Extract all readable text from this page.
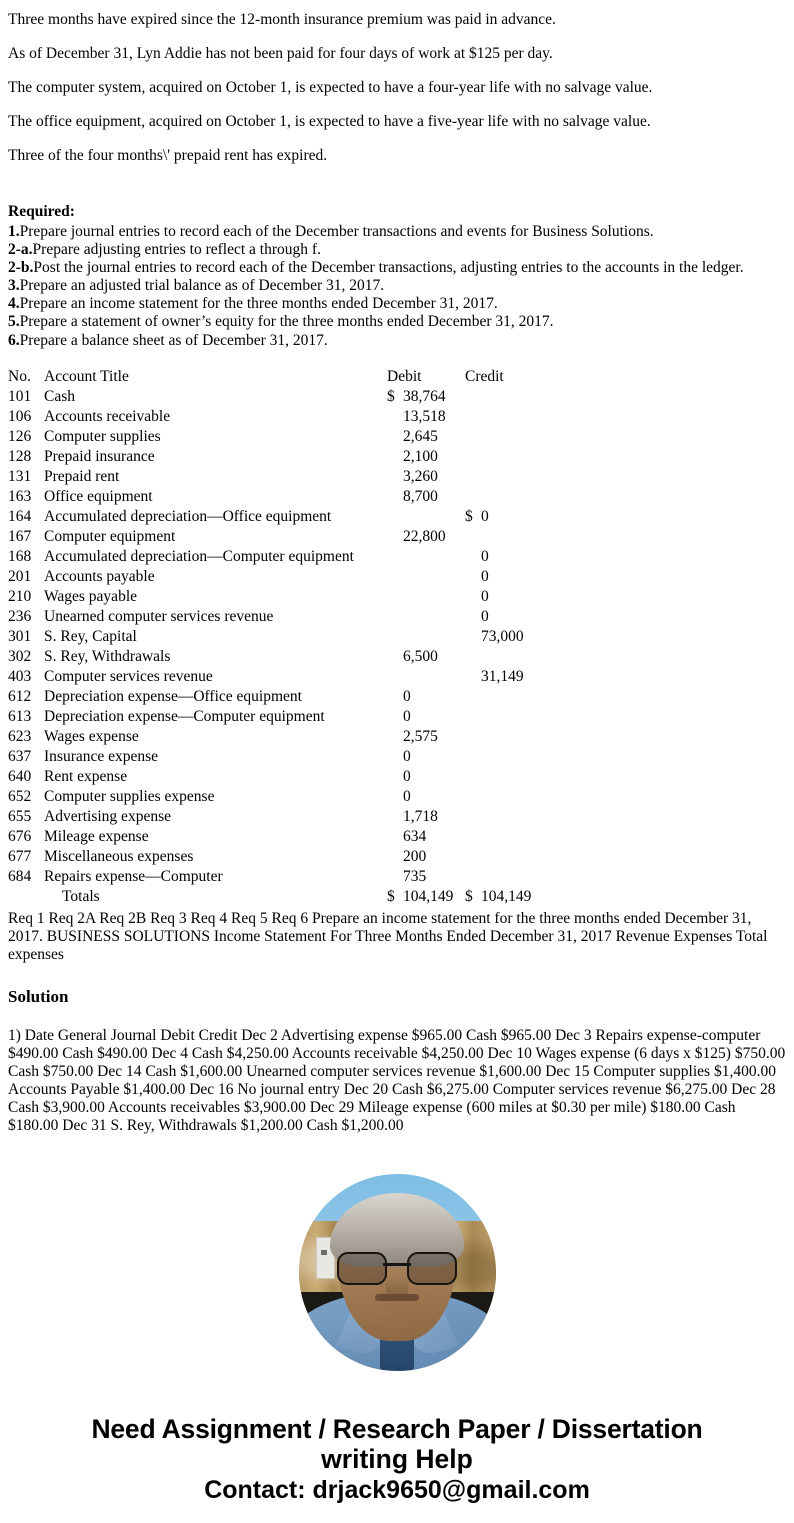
Three months have expired since the 12-month insurance premium was paid in advance.

As of December 31, Lyn Addie has not been paid for four days of work at $125 per day.

The computer system, acquired on October 1, is expected to have a four-year life with no salvage value.

The office equipment, acquired on October 1, is expected to have a five-year life with no salvage value.

Three of the four months\' prepaid rent has expired.

Required:

1.Prepare journal entries to record each of the December transactions and events for Business Solutions.

2-a.Prepare adjusting entries to reflect a through f.

2-b.Post the journal entries to record each of the December transactions, adjusting entries to the accounts in the ledger.

3.Prepare an adjusted trial balance as of December 31, 2017.

4.Prepare an income statement for the three months ended December 31, 2017.

5.Prepare a statement of owner’s equity for the three months ended December 31, 2017.

6.Prepare a balance sheet as of December 31, 2017.

No.	Account Title	Debit		Credit	
101	Cash	$	38,764		
106	Accounts receivable		13,518		
126	Computer supplies		2,645		
128	Prepaid insurance		2,100		
131	Prepaid rent		3,260		
163	Office equipment		8,700		
164	Accumulated depreciation—Office equipment			$	0
167	Computer equipment		22,800		
168	Accumulated depreciation—Computer equipment				0
201	Accounts payable				0
210	Wages payable				0
236	Unearned computer services revenue				0
301	S. Rey, Capital				73,000
302	S. Rey, Withdrawals		6,500		
403	Computer services revenue				31,149
612	Depreciation expense—Office equipment		0		
613	Depreciation expense—Computer equipment		0		
623	Wages expense		2,575		
637	Insurance expense		0		
640	Rent expense		0		
652	Computer supplies expense		0		
655	Advertising expense		1,718		
676	Mileage expense		634		
677	Miscellaneous expenses		200		
684	Repairs expense—Computer		735		
	Totals	$	104,149	$	104,149

Req 1 Req 2A Req 2B Req 3 Req 4 Req 5 Req 6 Prepare an income statement for the three months ended December 31, 2017. BUSINESS SOLUTIONS Income Statement For Three Months Ended December 31, 2017 Revenue Expenses Total expenses

Solution

1) Date General Journal Debit Credit Dec 2 Advertising expense $965.00 Cash $965.00 Dec 3 Repairs expense-computer $490.00 Cash $490.00 Dec 4 Cash $4,250.00 Accounts receivable $4,250.00 Dec 10 Wages expense (6 days x $125) $750.00 Cash $750.00 Dec 14 Cash $1,600.00 Unearned computer services revenue $1,600.00 Dec 15 Computer supplies $1,400.00 Accounts Payable $1,400.00 Dec 16 No journal entry Dec 20 Cash $6,275.00 Computer services revenue $6,275.00 Dec 28 Cash $3,900.00 Accounts receivables $3,900.00 Dec 29 Mileage expense (600 miles at $0.30 per mile) $180.00 Cash $180.00 Dec 31 S. Rey, Withdrawals $1,200.00 Cash $1,200.00

Need Assignment / Research Paper / Dissertation
writing Help
Contact: drjack9650@gmail.com
